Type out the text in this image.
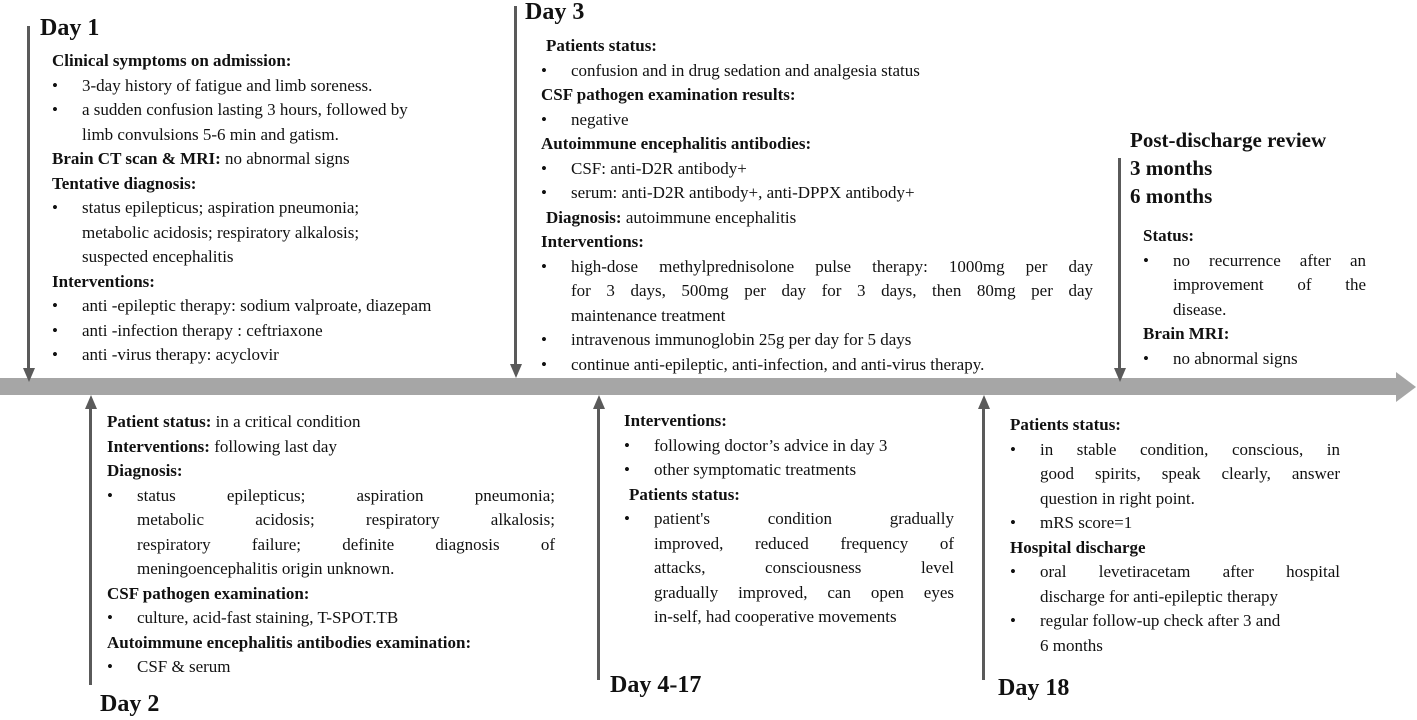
Day 1
Day 2
Day 3
Day 4-17	Day 18
Clinical symptoms on admission:
• 3-day history of fatigue and limb soreness.
• a sudden confusion lasting 3 hours, followed by
limb convulsions 5-6 min and gatism.
Brain CT scan & MRI: no abnormal signs
Tentative diagnosis:
• status epilepticus; aspiration pneumonia;
metabolic acidosis; respiratory alkalosis;
suspected encephalitis
Interventions:
• anti -epileptic therapy: sodium valproate, diazepam
• anti -infection therapy : ceftriaxone
• anti -virus therapy: acyclovir
Patient status: in a critical condition
Interventions: following last day
Diagnosis:
• status epilepticus; aspiration pneumonia;
metabolic acidosis; respiratory alkalosis;
respiratory failure; definite diagnosis of
meningoencephalitis origin unknown.
CSF pathogen examination:
• culture, acid-fast staining, T-SPOT.TB
Autoimmune encephalitis antibodies examination:
• CSF & serum
Patients status:
• confusion and in drug sedation and analgesia status
CSF pathogen examination results:
• negative
Autoimmune encephalitis antibodies:
• CSF: anti-D2R antibody+
• serum: anti-D2R antibody+, anti-DPPX antibody+
Diagnosis: autoimmune encephalitis
Interventions:
• high-dose methylprednisolone pulse therapy: 1000mg per day
for 3 days, 500mg per day for 3 days, then 80mg per day
maintenance treatment
• intravenous immunoglobin 25g per day for 5 days
• continue anti-epileptic, anti-infection, and anti-virus therapy.
Interventions:
• following doctor’s advice in day 3
• other symptomatic treatments
Patients status:
• patient's condition gradually
improved, reduced frequency of
attacks, consciousness level
gradually improved, can open eyes
in-self, had cooperative movements
Patients status:
• in stable condition, conscious, in
good spirits, speak clearly, answer
question in right point.
• mRS score=1
Hospital discharge
• oral levetiracetam after hospital
discharge for anti-epileptic therapy
• regular follow-up check after 3 and
6 months
Post-discharge review
3 months
6 months
Status:
• no recurrence after an
improvement of the
disease.
Brain MRI:
• no abnormal signs
